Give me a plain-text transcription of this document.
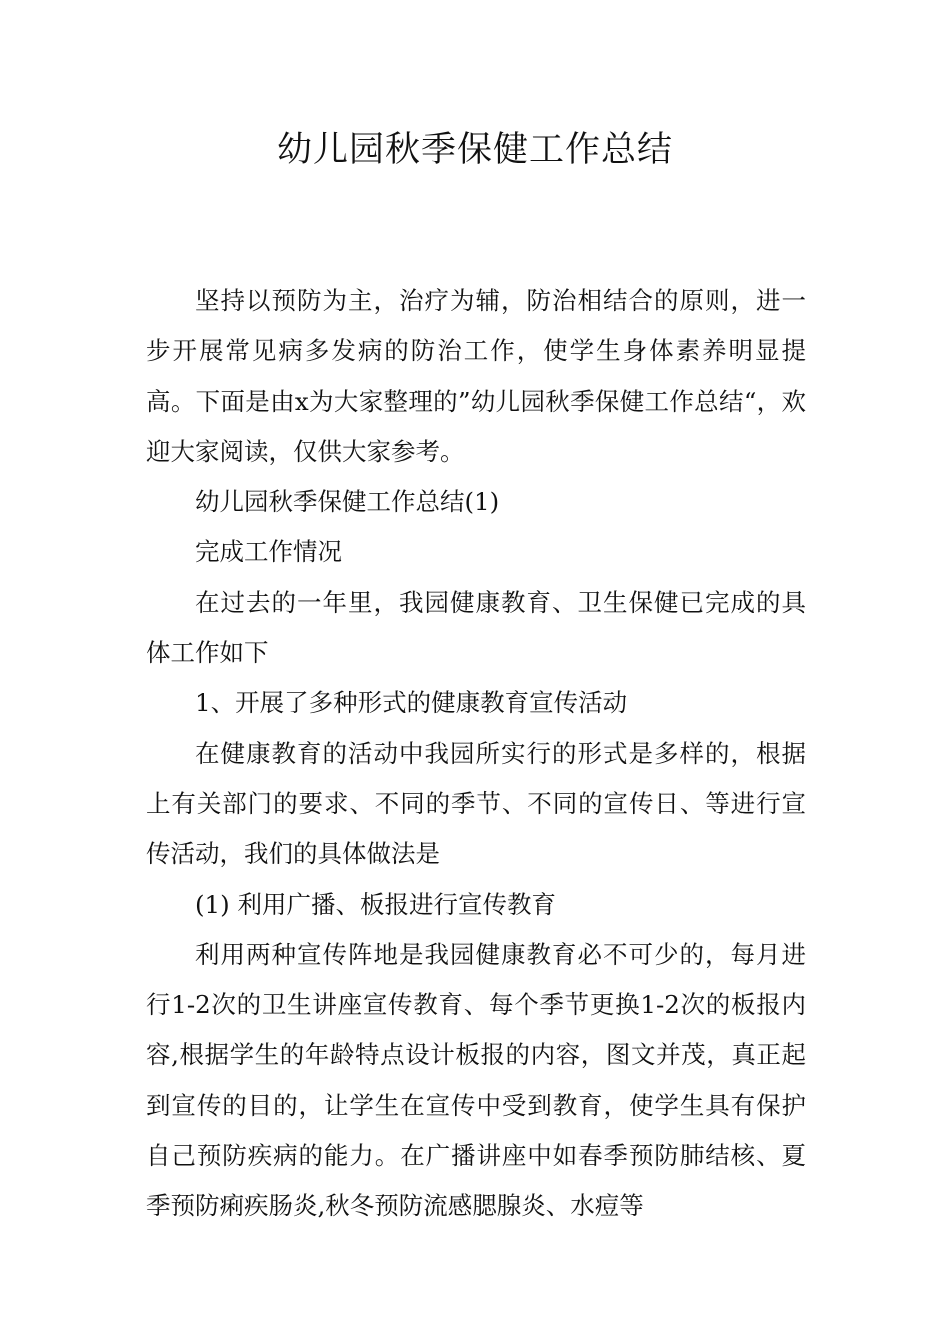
幼儿园秋季保健工作总结

坚持以预防为主，治疗为辅，防治相结合的原则，进一步开展常见病多发病的防治工作，使学生身体素养明显提高。下面是由x为大家整理的”幼儿园秋季保健工作总结“，欢迎大家阅读，仅供大家参考。

幼儿园秋季保健工作总结(1)

完成工作情况

在过去的一年里，我园健康教育、卫生保健已完成的具体工作如下

1、开展了多种形式的健康教育宣传活动

在健康教育的活动中我园所实行的形式是多样的，根据上有关部门的要求、不同的季节、不同的宣传日、等进行宣传活动，我们的具体做法是

(1) 利用广播、板报进行宣传教育

利用两种宣传阵地是我园健康教育必不可少的，每月进行1-2次的卫生讲座宣传教育、每个季节更换1-2次的板报内容,根据学生的年龄特点设计板报的内容，图文并茂，真正起到宣传的目的，让学生在宣传中受到教育，使学生具有保护自己预防疾病的能力。在广播讲座中如春季预防肺结核、夏季预防痢疾肠炎,秋冬预防流感腮腺炎、水痘等
